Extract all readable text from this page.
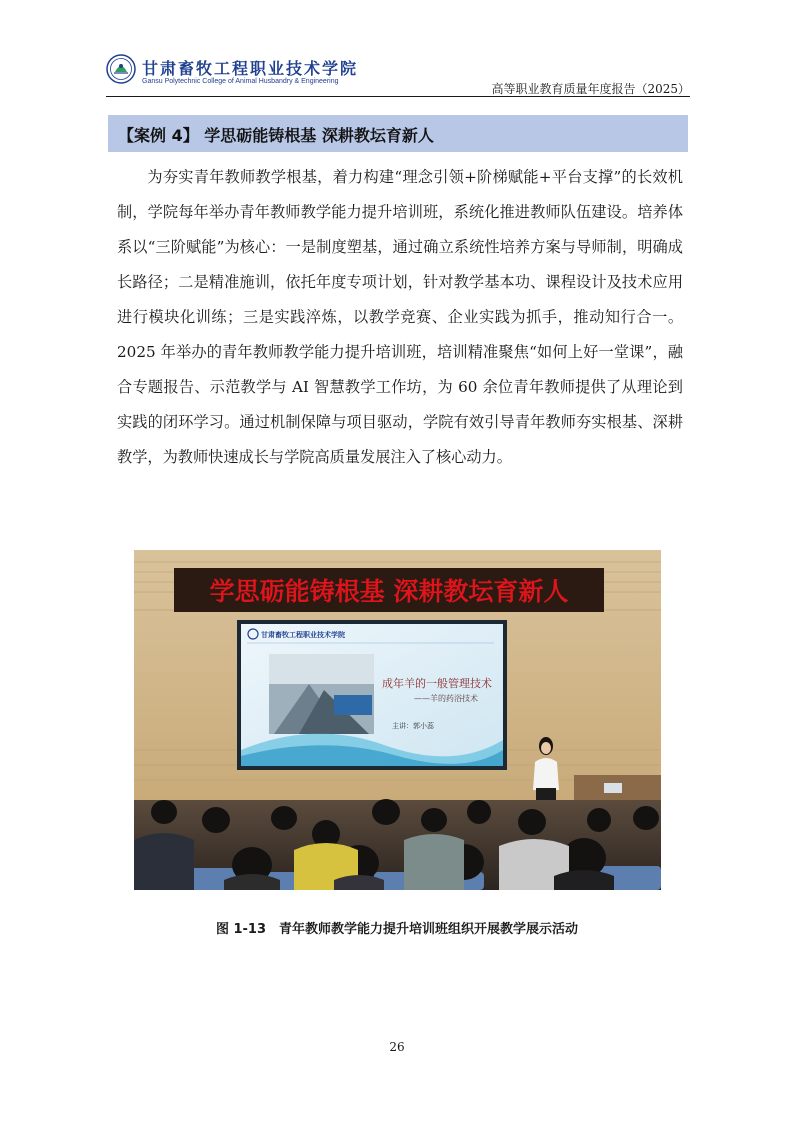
甘肃畜牧工程职业技术学院
Gansu Polytechnic College of Animal Husbandry & Engineering
高等职业教育质量年度报告（2025）
【案例 4】 学思砺能铸根基 深耕教坛育新人

为夯实青年教师教学根基，着力构建“理念引领+阶梯赋能+平台支撑”的长效机制，学院每年举办青年教师教学能力提升培训班，系统化推进教师队伍建设。培养体系以“三阶赋能”为核心：一是制度塑基，通过确立系统性培养方案与导师制，明确成长路径；二是精准施训，依托年度专项计划，针对教学基本功、课程设计及技术应用进行模块化训练；三是实践淬炼，以教学竞赛、企业实践为抓手，推动知行合一。2025 年举办的青年教师教学能力提升培训班，培训精准聚焦“如何上好一堂课”，融合专题报告、示范教学与 AI 智慧教学工作坊，为 60 余位青年教师提供了从理论到实践的闭环学习。通过机制保障与项目驱动，学院有效引导青年教师夯实根基、深耕教学，为教师快速成长与学院高质量发展注入了核心动力。

学思砺能铸根基 深耕教坛育新人
甘肃畜牧工程职业技术学院
成年羊的一般管理技术
——羊的药浴技术
主讲：郭小蕊
图 1-13　青年教师教学能力提升培训班组织开展教学展示活动
26
